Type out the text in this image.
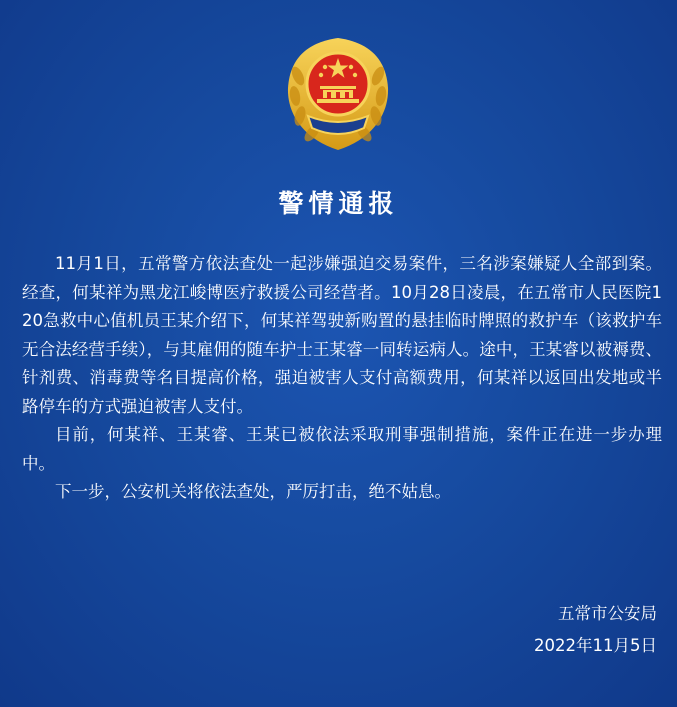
警情通报

11月1日，五常警方依法查处一起涉嫌强迫交易案件，三名涉案嫌疑人全部到案。经查，何某祥为黑龙江峻博医疗救援公司经营者。10月28日凌晨，在五常市人民医院120急救中心值机员王某介绍下，何某祥驾驶新购置的悬挂临时牌照的救护车（该救护车无合法经营手续），与其雇佣的随车护士王某睿一同转运病人。途中，王某睿以被褥费、针剂费、消毒费等名目提高价格，强迫被害人支付高额费用，何某祥以返回出发地或半路停车的方式强迫被害人支付。

目前，何某祥、王某睿、王某已被依法采取刑事强制措施，案件正在进一步办理中。

下一步，公安机关将依法查处，严厉打击，绝不姑息。

五常市公安局
2022年11月5日
